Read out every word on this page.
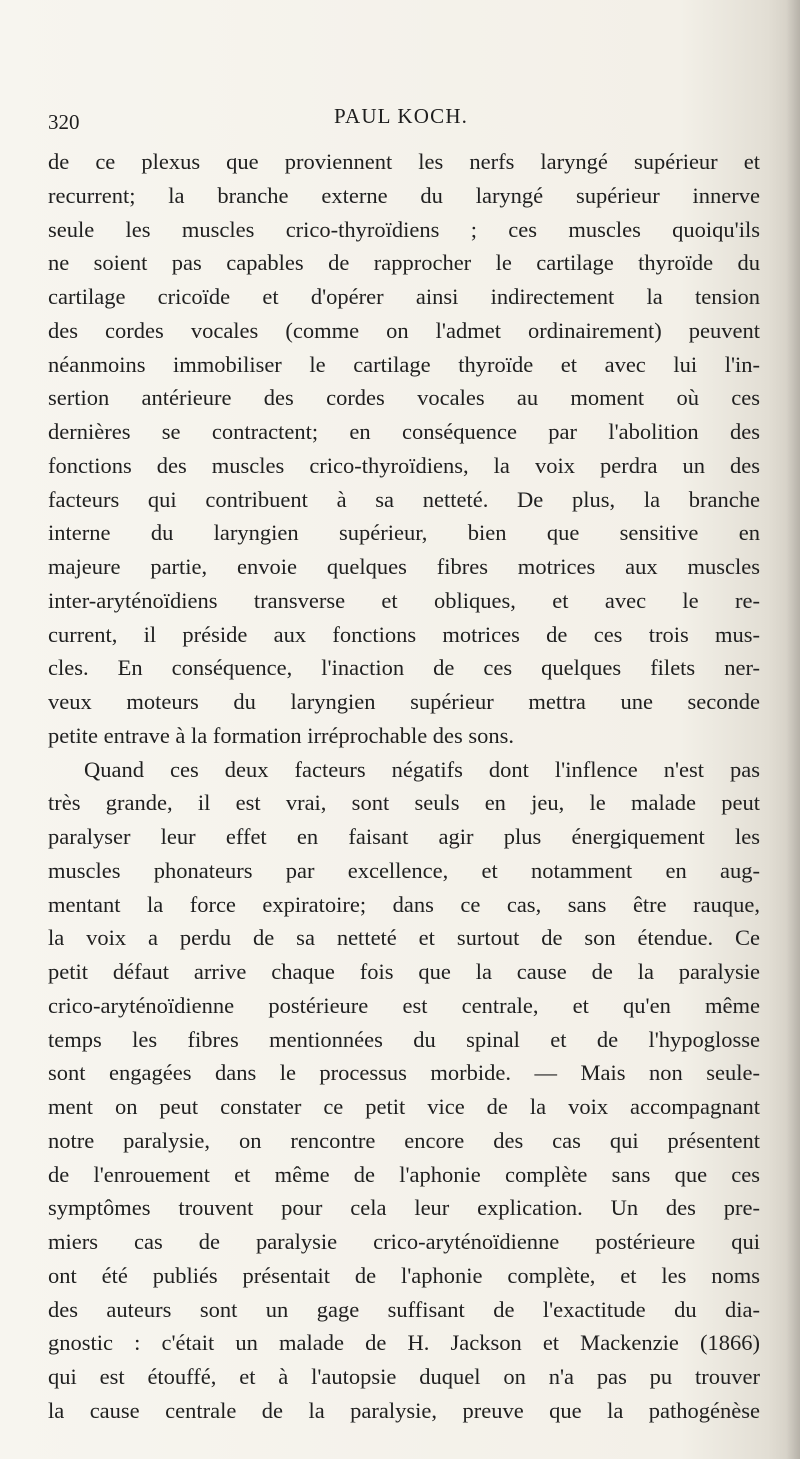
320	PAUL KOCH.
de ce plexus que proviennent les nerfs laryngé supérieur et
recurrent; la branche externe du laryngé supérieur innerve
seule les muscles crico-thyroïdiens ; ces muscles quoiqu'ils
ne soient pas capables de rapprocher le cartilage thyroïde du
cartilage cricoïde et d'opérer ainsi indirectement la tension
des cordes vocales (comme on l'admet ordinairement) peuvent
néanmoins immobiliser le cartilage thyroïde et avec lui l'in-
sertion antérieure des cordes vocales au moment où ces
dernières se contractent; en conséquence par l'abolition des
fonctions des muscles crico-thyroïdiens, la voix perdra un des
facteurs qui contribuent à sa netteté. De plus, la branche
interne du laryngien supérieur, bien que sensitive en
majeure partie, envoie quelques fibres motrices aux muscles
inter-aryténoïdiens transverse et obliques, et avec le re-
current, il préside aux fonctions motrices de ces trois mus-
cles. En conséquence, l'inaction de ces quelques filets ner-
veux moteurs du laryngien supérieur mettra une seconde
petite entrave à la formation irréprochable des sons.
Quand ces deux facteurs négatifs dont l'inflence n'est pas
très grande, il est vrai, sont seuls en jeu, le malade peut
paralyser leur effet en faisant agir plus énergiquement les
muscles phonateurs par excellence, et notamment en aug-
mentant la force expiratoire; dans ce cas, sans être rauque,
la voix a perdu de sa netteté et surtout de son étendue. Ce
petit défaut arrive chaque fois que la cause de la paralysie
crico-aryténoïdienne postérieure est centrale, et qu'en même
temps les fibres mentionnées du spinal et de l'hypoglosse
sont engagées dans le processus morbide. — Mais non seule-
ment on peut constater ce petit vice de la voix accompagnant
notre paralysie, on rencontre encore des cas qui présentent
de l'enrouement et même de l'aphonie complète sans que ces
symptômes trouvent pour cela leur explication. Un des pre-
miers cas de paralysie crico-aryténoïdienne postérieure qui
ont été publiés présentait de l'aphonie complète, et les noms
des auteurs sont un gage suffisant de l'exactitude du dia-
gnostic : c'était un malade de H. Jackson et Mackenzie (1866)
qui est étouffé, et à l'autopsie duquel on n'a pas pu trouver
la cause centrale de la paralysie, preuve que la pathogénèse
